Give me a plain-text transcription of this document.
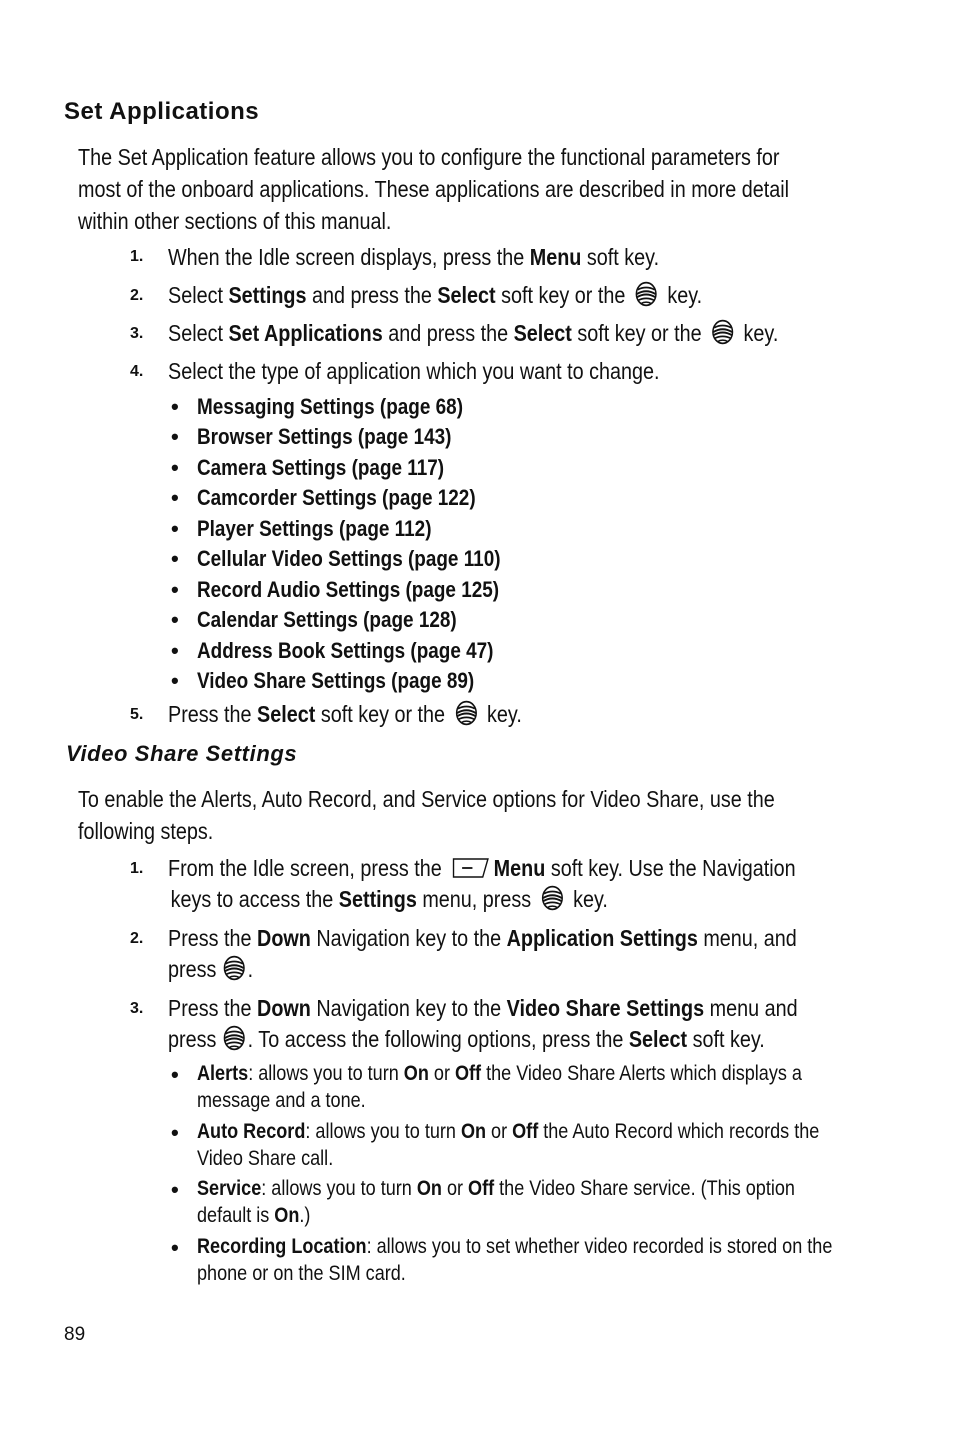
Set Applications
The Set Application feature allows you to configure the functional parameters for
most of the onboard applications. These applications are described in more detail
within other sections of this manual.
1. When the Idle screen displays, press the Menu soft key.
2. Select Settings and press the Select soft key or the  key.
3. Select Set Applications and press the Select soft key or the  key.
4. Select the type of application which you want to change.
• Messaging Settings (page 68)
• Browser Settings (page 143)
• Camera Settings (page 117)
• Camcorder Settings (page 122)
• Player Settings (page 112)
• Cellular Video Settings (page 110)
• Record Audio Settings (page 125)
• Calendar Settings (page 128)
• Address Book Settings (page 47)
• Video Share Settings (page 89)
5. Press the Select soft key or the  key.
Video Share Settings
To enable the Alerts, Auto Record, and Service options for Video Share, use the
following steps.
1. From the Idle screen, press the Menu soft key. Use the Navigation
keys to access the Settings menu, press  key.
2. Press the Down Navigation key to the Application Settings menu, and
press .
3. Press the Down Navigation key to the Video Share Settings menu and
press . To access the following options, press the Select soft key.
• Alerts: allows you to turn On or Off the Video Share Alerts which displays a
message and a tone.
• Auto Record: allows you to turn On or Off the Auto Record which records the
Video Share call.
• Service: allows you to turn On or Off the Video Share service. (This option
default is On.)
• Recording Location: allows you to set whether video recorded is stored on the
phone or on the SIM card.
89
